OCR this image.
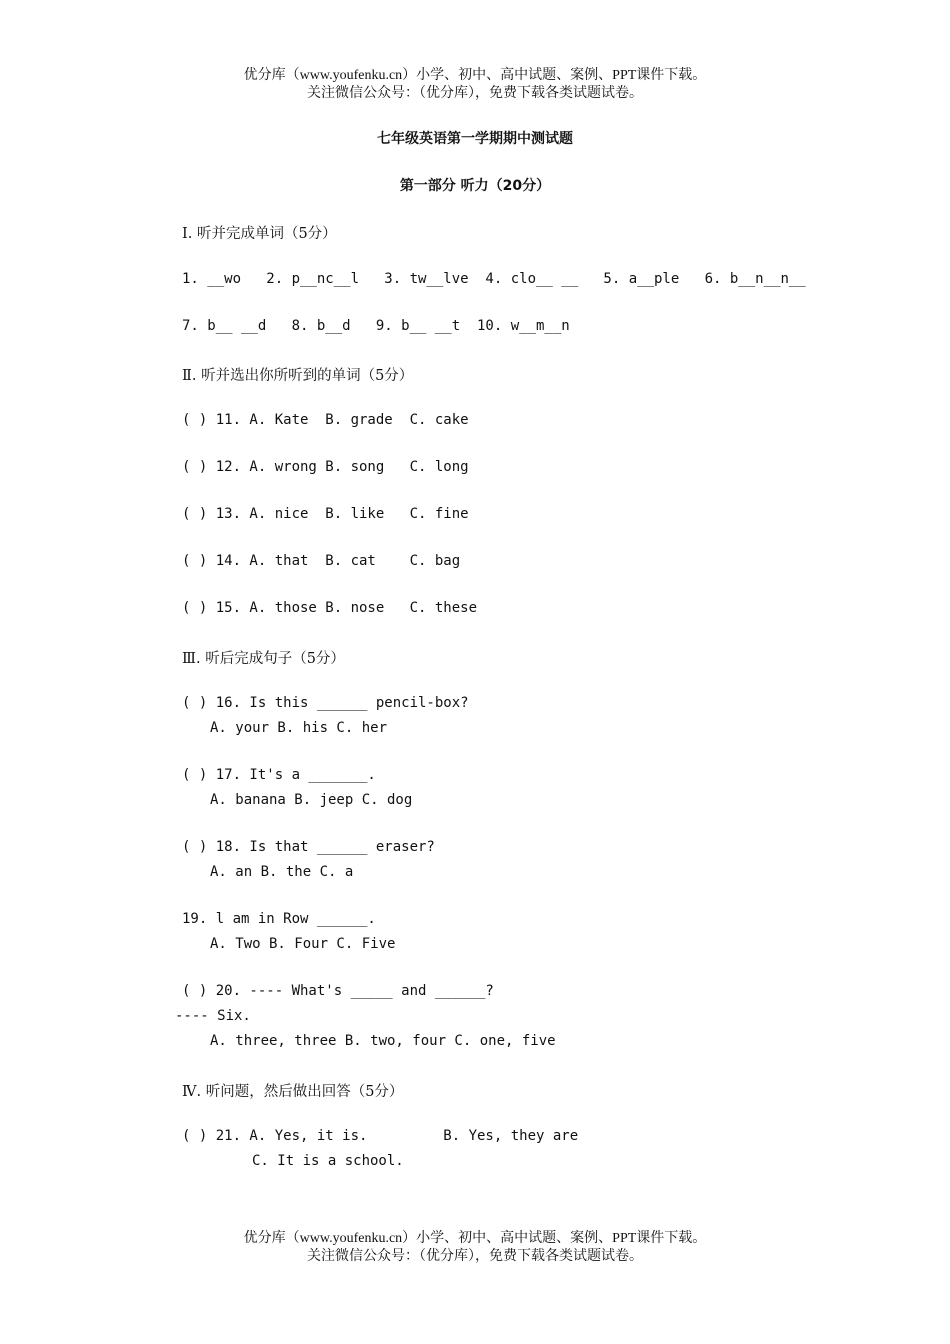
优分库（www.youfenku.cn）小学、初中、高中试题、案例、PPT课件下载。
关注微信公众号：（优分库），免费下载各类试题试卷。
七年级英语第一学期期中测试题
第一部分 听力（20分）
Ⅰ. 听并完成单词（5分）
1. __wo   2. p__nc__l   3. tw__lve  4. clo__ __   5. a__ple   6. b__n__n__
7. b__ __d   8. b__d   9. b__ __t  10. w__m__n
Ⅱ. 听并选出你所听到的单词（5分）
( ) 11. A. Kate  B. grade  C. cake
( ) 12. A. wrong B. song   C. long
( ) 13. A. nice  B. like   C. fine
( ) 14. A. that  B. cat    C. bag
( ) 15. A. those B. nose   C. these
Ⅲ. 听后完成句子（5分）
( ) 16. Is this ______ pencil-box?
A. your B. his C. her
( ) 17. It's a _______.
A. banana B. jeep C. dog
( ) 18. Is that ______ eraser?
A. an B. the C. a
19. l am in Row ______.
A. Two B. Four C. Five
( ) 20. ---- What's _____ and ______?
---- Six.
A. three, three B. two, four C. one, five
Ⅳ. 听问题，然后做出回答（5分）
( ) 21. A. Yes, it is.         B. Yes, they are
C. It is a school.
优分库（www.youfenku.cn）小学、初中、高中试题、案例、PPT课件下载。
关注微信公众号：（优分库），免费下载各类试题试卷。
